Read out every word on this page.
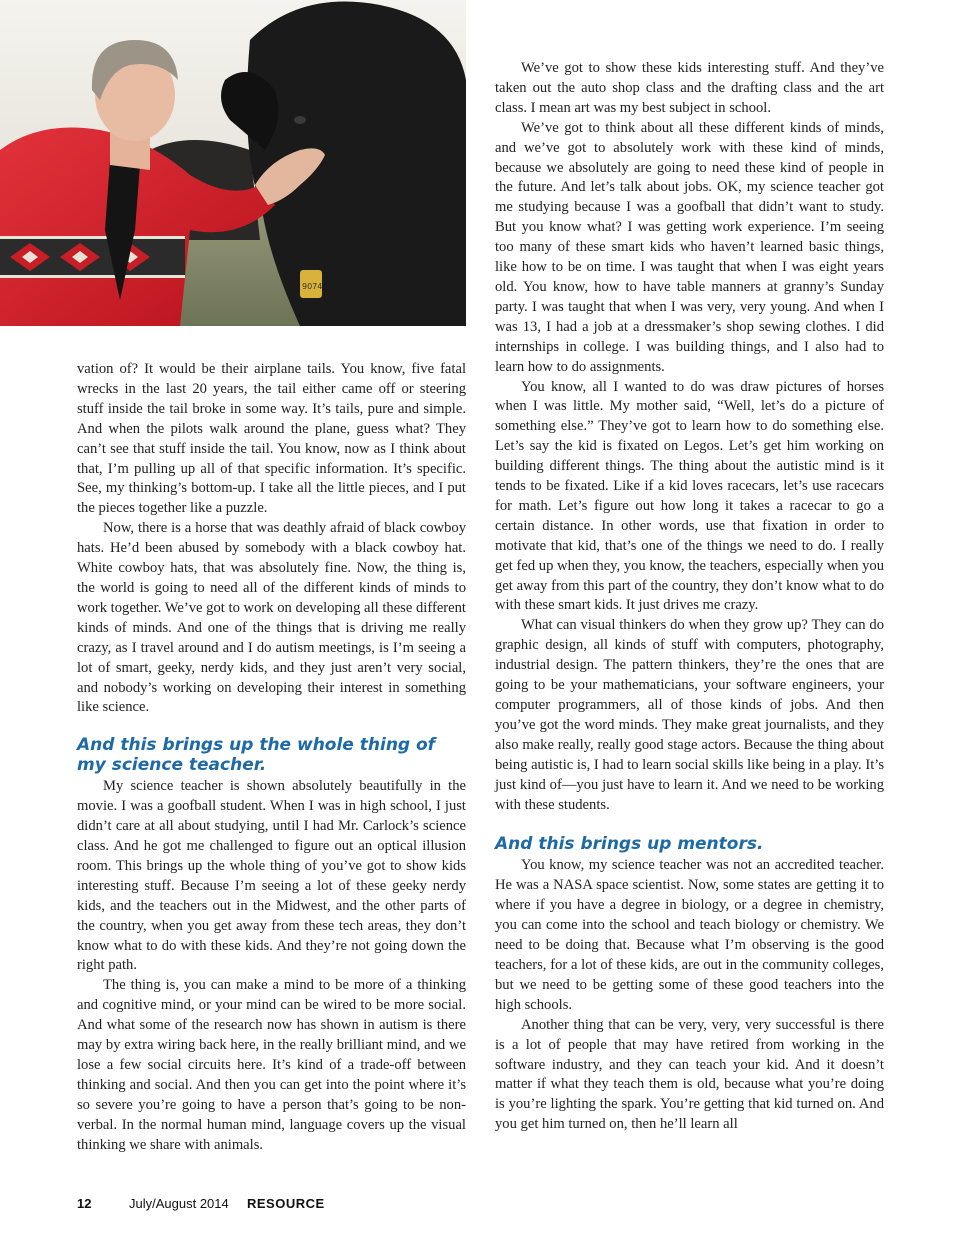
9074

vation of? It would be their airplane tails. You know, five fatal wrecks in the last 20 years, the tail either came off or steering stuff inside the tail broke in some way. It’s tails, pure and simple. And when the pilots walk around the plane, guess what? They can’t see that stuff inside the tail. You know, now as I think about that, I’m pulling up all of that specific information. It’s specific. See, my thinking’s bottom-up. I take all the little pieces, and I put the pieces together like a puzzle.

Now, there is a horse that was deathly afraid of black cowboy hats. He’d been abused by somebody with a black cowboy hat. White cowboy hats, that was absolutely fine. Now, the thing is, the world is going to need all of the different kinds of minds to work together. We’ve got to work on developing all these different kinds of minds. And one of the things that is driving me really crazy, as I travel around and I do autism meetings, is I’m seeing a lot of smart, geeky, nerdy kids, and they just aren’t very social, and nobody’s working on developing their interest in something like science.

And this brings up the whole thing of my science teacher.

My science teacher is shown absolutely beautifully in the movie. I was a goofball student. When I was in high school, I just didn’t care at all about studying, until I had Mr. Carlock’s science class. And he got me challenged to figure out an optical illusion room. This brings up the whole thing of you’ve got to show kids interesting stuff. Because I’m seeing a lot of these geeky nerdy kids, and the teachers out in the Midwest, and the other parts of the country, when you get away from these tech areas, they don’t know what to do with these kids. And they’re not going down the right path.

The thing is, you can make a mind to be more of a thinking and cognitive mind, or your mind can be wired to be more social. And what some of the research now has shown in autism is there may by extra wiring back here, in the really brilliant mind, and we lose a few social circuits here. It’s kind of a trade-off between thinking and social. And then you can get into the point where it’s so severe you’re going to have a person that’s going to be non-verbal. In the normal human mind, language covers up the visual thinking we share with animals.

We’ve got to show these kids interesting stuff. And they’ve taken out the auto shop class and the drafting class and the art class. I mean art was my best subject in school.

We’ve got to think about all these different kinds of minds, and we’ve got to absolutely work with these kind of minds, because we absolutely are going to need these kind of people in the future. And let’s talk about jobs. OK, my science teacher got me studying because I was a goofball that didn’t want to study. But you know what? I was getting work experience. I’m seeing too many of these smart kids who haven’t learned basic things, like how to be on time. I was taught that when I was eight years old. You know, how to have table manners at granny’s Sunday party. I was taught that when I was very, very young. And when I was 13, I had a job at a dressmaker’s shop sewing clothes. I did internships in college. I was building things, and I also had to learn how to do assignments.

You know, all I wanted to do was draw pictures of horses when I was little. My mother said, “Well, let’s do a picture of something else.” They’ve got to learn how to do something else. Let’s say the kid is fixated on Legos. Let’s get him working on building different things. The thing about the autistic mind is it tends to be fixated. Like if a kid loves racecars, let’s use racecars for math. Let’s figure out how long it takes a racecar to go a certain distance. In other words, use that fixation in order to motivate that kid, that’s one of the things we need to do. I really get fed up when they, you know, the teachers, especially when you get away from this part of the country, they don’t know what to do with these smart kids. It just drives me crazy.

What can visual thinkers do when they grow up? They can do graphic design, all kinds of stuff with computers, photography, industrial design. The pattern thinkers, they’re the ones that are going to be your mathematicians, your software engineers, your computer programmers, all of those kinds of jobs. And then you’ve got the word minds. They make great journalists, and they also make really, really good stage actors. Because the thing about being autistic is, I had to learn social skills like being in a play. It’s just kind of—you just have to learn it. And we need to be working with these students.

And this brings up mentors.

You know, my science teacher was not an accredited teacher. He was a NASA space scientist. Now, some states are getting it to where if you have a degree in biology, or a degree in chemistry, you can come into the school and teach biology or chemistry. We need to be doing that. Because what I’m observing is the good teachers, for a lot of these kids, are out in the community colleges, but we need to be getting some of these good teachers into the high schools.

Another thing that can be very, very, very successful is there is a lot of people that may have retired from working in the software industry, and they can teach your kid. And it doesn’t matter if what they teach them is old, because what you’re doing is you’re lighting the spark. You’re getting that kid turned on. And you get him turned on, then he’ll learn all

12	July/August 2014	RESOURCE
